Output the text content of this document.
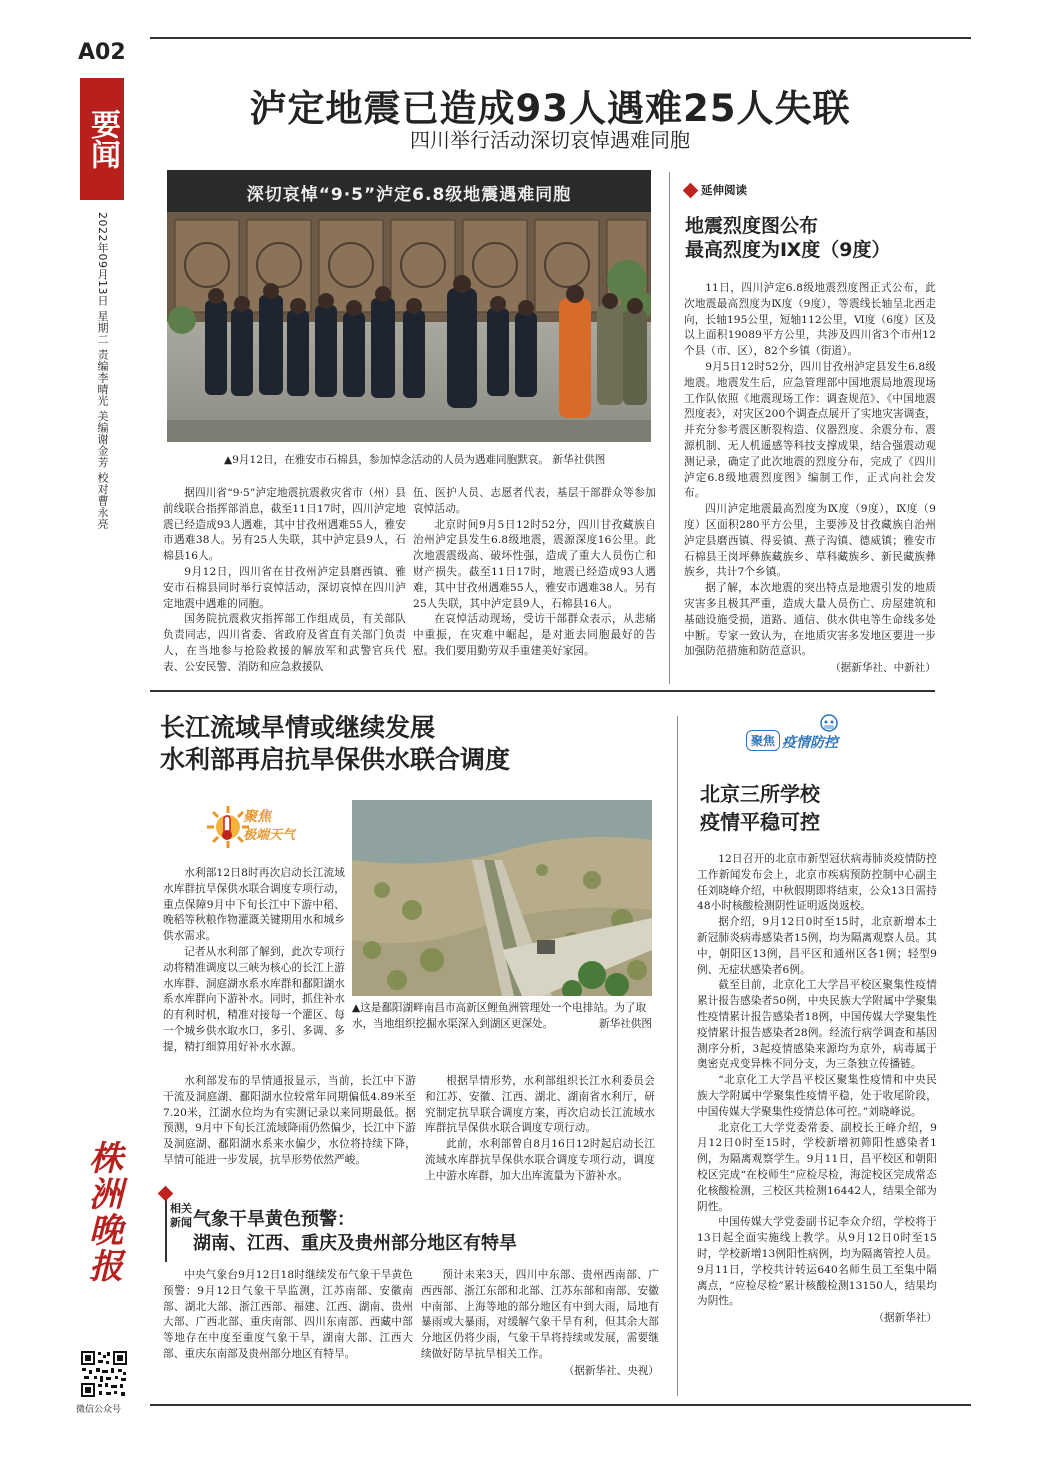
A02
要闻
2022年09月13日 星期二 责编李晴光 美编谢金芳 校对曹永亮
株洲晚报
微信公众号
泸定地震已造成93人遇难25人失联
四川举行活动深切哀悼遇难同胞
深切哀悼“9·5”泸定6.8级地震遇难同胞
▲9月12日，在雅安市石棉县，参加悼念活动的人员为遇难同胞默哀。 新华社供图

据四川省“9·5”泸定地震抗震救灾省市（州）县前线联合指挥部消息，截至11日17时，四川泸定地震已经造成93人遇难，其中甘孜州遇难55人，雅安市遇难38人。另有25人失联，其中泸定县9人，石棉县16人。

9月12日，四川省在甘孜州泸定县磨西镇、雅安市石棉县同时举行哀悼活动，深切哀悼在四川泸定地震中遇难的同胞。

国务院抗震救灾指挥部工作组成员，有关部队负责同志，四川省委、省政府及省直有关部门负责人，在当地参与抢险救援的解放军和武警官兵代表、公安民警、消防和应急救援队

伍、医护人员、志愿者代表，基层干部群众等参加哀悼活动。

北京时间9月5日12时52分，四川甘孜藏族自治州泸定县发生6.8级地震，震源深度16公里。此次地震震级高、破坏性强，造成了重大人员伤亡和财产损失。截至11日17时，地震已经造成93人遇难，其中甘孜州遇难55人，雅安市遇难38人。另有25人失联，其中泸定县9人，石棉县16人。

在哀悼活动现场，受访干部群众表示，从悲痛中重振，在灾难中崛起，是对逝去同胞最好的告慰。我们要用勤劳双手重建美好家园。

延伸阅读
地震烈度图公布
最高烈度为Ⅸ度（9度）

11日，四川泸定6.8级地震烈度图正式公布，此次地震最高烈度为Ⅸ度（9度），等震线长轴呈北西走向，长轴195公里，短轴112公里，Ⅵ度（6度）区及以上面积19089平方公里，共涉及四川省3个市州12个县（市、区），82个乡镇（街道）。

9月5日12时52分，四川甘孜州泸定县发生6.8级地震。地震发生后，应急管理部中国地震局地震现场工作队依照《地震现场工作：调查规范》、《中国地震烈度表》，对灾区200个调查点展开了实地灾害调查，并充分参考震区断裂构造、仪器烈度、余震分布、震源机制、无人机遥感等科技支撑成果，结合强震动观测记录，确定了此次地震的烈度分布，完成了《四川泸定6.8级地震烈度图》编制工作，正式向社会发布。

四川泸定地震最高烈度为Ⅸ度（9度），Ⅸ度（9度）区面积280平方公里，主要涉及甘孜藏族自治州泸定县磨西镇、得妥镇、燕子沟镇、德威镇；雅安市石棉县王岗坪彝族藏族乡、草科藏族乡、新民藏族彝族乡，共计7个乡镇。

据了解，本次地震的突出特点是地震引发的地质灾害多且极其严重，造成大量人员伤亡、房屋建筑和基础设施受损，道路、通信、供水供电等生命线多处中断。专家一致认为，在地质灾害多发地区要进一步加强防范措施和防范意识。

（据新华社、中新社）

长江流域旱情或继续发展
水利部再启抗旱保供水联合调度
聚焦
极端天气

水利部12日8时再次启动长江流域水库群抗旱保供水联合调度专项行动，重点保障9月中下旬长江中下游中稻、晚稻等秋粮作物灌溉关键期用水和城乡供水需求。

记者从水利部了解到，此次专项行动将精准调度以三峡为核心的长江上游水库群、洞庭湖水系水库群和鄱阳湖水系水库群向下游补水。同时，抓住补水的有利时机，精准对接每一个灌区、每一个城乡供水取水口，多引、多调、多提，精打细算用好补水水源。

水利部发布的旱情通报显示，当前，长江中下游干流及洞庭湖、鄱阳湖水位较常年同期偏低4.89米至7.20米，江湖水位均为有实测记录以来同期最低。据预测，9月中下旬长江流域降雨仍然偏少，长江中下游及洞庭湖、鄱阳湖水系来水偏少，水位将持续下降，旱情可能进一步发展，抗旱形势依然严峻。

▲这是鄱阳湖畔南昌市高新区鲤鱼洲管理处一个电排站。为了取水，当地组织挖掘水渠深入到湖区更深处。	新华社供图

根据旱情形势，水利部组织长江水利委员会和江苏、安徽、江西、湖北、湖南省水利厅，研究制定抗旱联合调度方案，再次启动长江流域水库群抗旱保供水联合调度专项行动。

此前，水利部曾自8月16日12时起启动长江流域水库群抗旱保供水联合调度专项行动，调度上中游水库群，加大出库流量为下游补水。

相关新闻 气象干旱黄色预警：
湖南、江西、重庆及贵州部分地区有特旱

中央气象台9月12日18时继续发布气象干旱黄色预警：9月12日气象干旱监测，江苏南部、安徽南部、湖北大部、浙江西部、福建、江西、湖南、贵州大部、广西北部、重庆南部、四川东南部、西藏中部等地存在中度至重度气象干旱，湖南大部、江西大部、重庆东南部及贵州部分地区有特旱。

预计未来3天，四川中东部、贵州西南部、广西西部、浙江东部和北部、江苏东部和南部、安徽中南部、上海等地的部分地区有中到大雨，局地有暴雨或大暴雨，对缓解气象干旱有利，但其余大部分地区仍将少雨，气象干旱将持续或发展，需要继续做好防旱抗旱相关工作。

（据新华社、央视）

聚焦 疫情防控
北京三所学校
疫情平稳可控

12日召开的北京市新型冠状病毒肺炎疫情防控工作新闻发布会上，北京市疾病预防控制中心副主任刘晓峰介绍，中秋假期即将结束，公众13日需持48小时核酸检测阴性证明返岗返校。

据介绍，9月12日0时至15时，北京新增本土新冠肺炎病毒感染者15例，均为隔离观察人员。其中，朝阳区13例，昌平区和通州区各1例；轻型9例、无症状感染者6例。

截至目前，北京化工大学昌平校区聚集性疫情累计报告感染者50例，中央民族大学附属中学聚集性疫情累计报告感染者18例，中国传媒大学聚集性疫情累计报告感染者28例。经流行病学调查和基因测序分析，3起疫情感染来源均为京外，病毒属于奥密克戎变异株不同分支，为三条独立传播链。

“北京化工大学昌平校区聚集性疫情和中央民族大学附属中学聚集性疫情平稳，处于收尾阶段，中国传媒大学聚集性疫情总体可控。”刘晓峰说。

北京化工大学党委常委、副校长王峰介绍，9月12日0时至15时，学校新增初筛阳性感染者1例，为隔离观察学生。9月11日，昌平校区和朝阳校区完成“在校师生”应检尽检，海淀校区完成常态化核酸检测，三校区共检测16442人，结果全部为阴性。

中国传媒大学党委副书记李众介绍，学校将于13日起全面实施线上教学。从9月12日0时至15时，学校新增13例阳性病例，均为隔离管控人员。9月11日，学校共计转运640名师生员工至集中隔离点，“应检尽检”累计核酸检测13150人，结果均为阴性。

（据新华社）
